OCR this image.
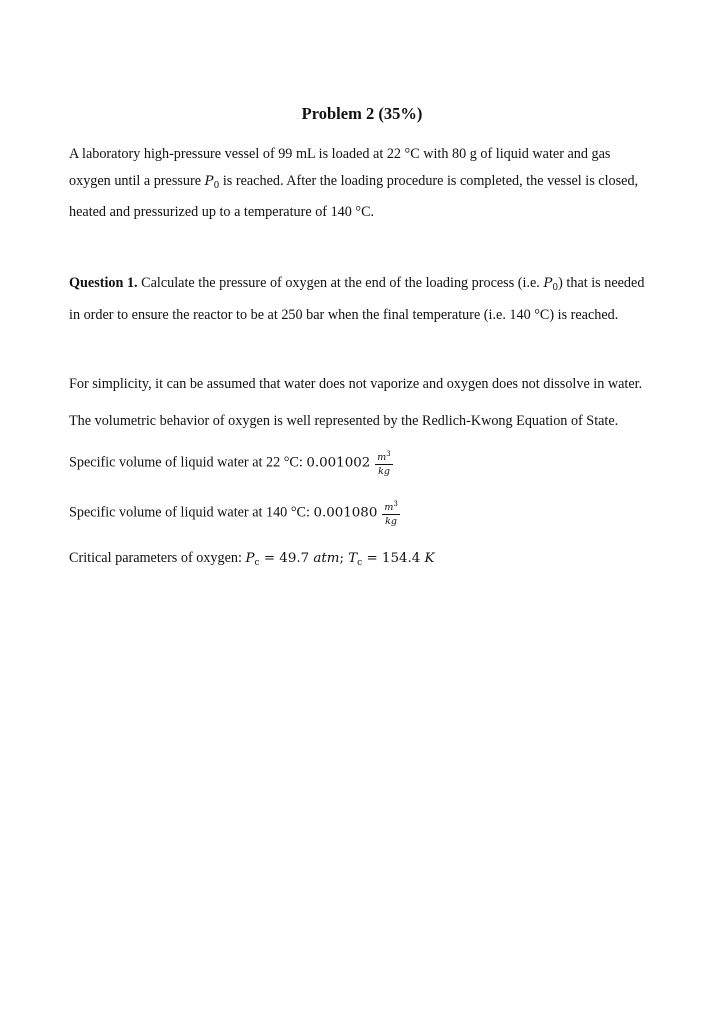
Problem 2 (35%)
A laboratory high-pressure vessel of 99 mL is loaded at 22 °C with 80 g of liquid water and gas
oxygen until a pressure $P_0$ is reached. After the loading procedure is completed, the vessel is closed,
heated and pressurized up to a temperature of 140 °C.
Question 1. Calculate the pressure of oxygen at the end of the loading process (i.e. $P_0$) that is needed
in order to ensure the reactor to be at 250 bar when the final temperature (i.e. 140 °C) is reached.
For simplicity, it can be assumed that water does not vaporize and oxygen does not dissolve in water.
The volumetric behavior of oxygen is well represented by the Redlich-Kwong Equation of State.
Specific volume of liquid water at 22 °C: $0.001002 \frac{m^3}{kg}$
Specific volume of liquid water at 140 °C: $0.001080 \frac{m^3}{kg}$
Critical parameters of oxygen: $P_c = 49.7$ atm; $T_c = 154.4$ K
